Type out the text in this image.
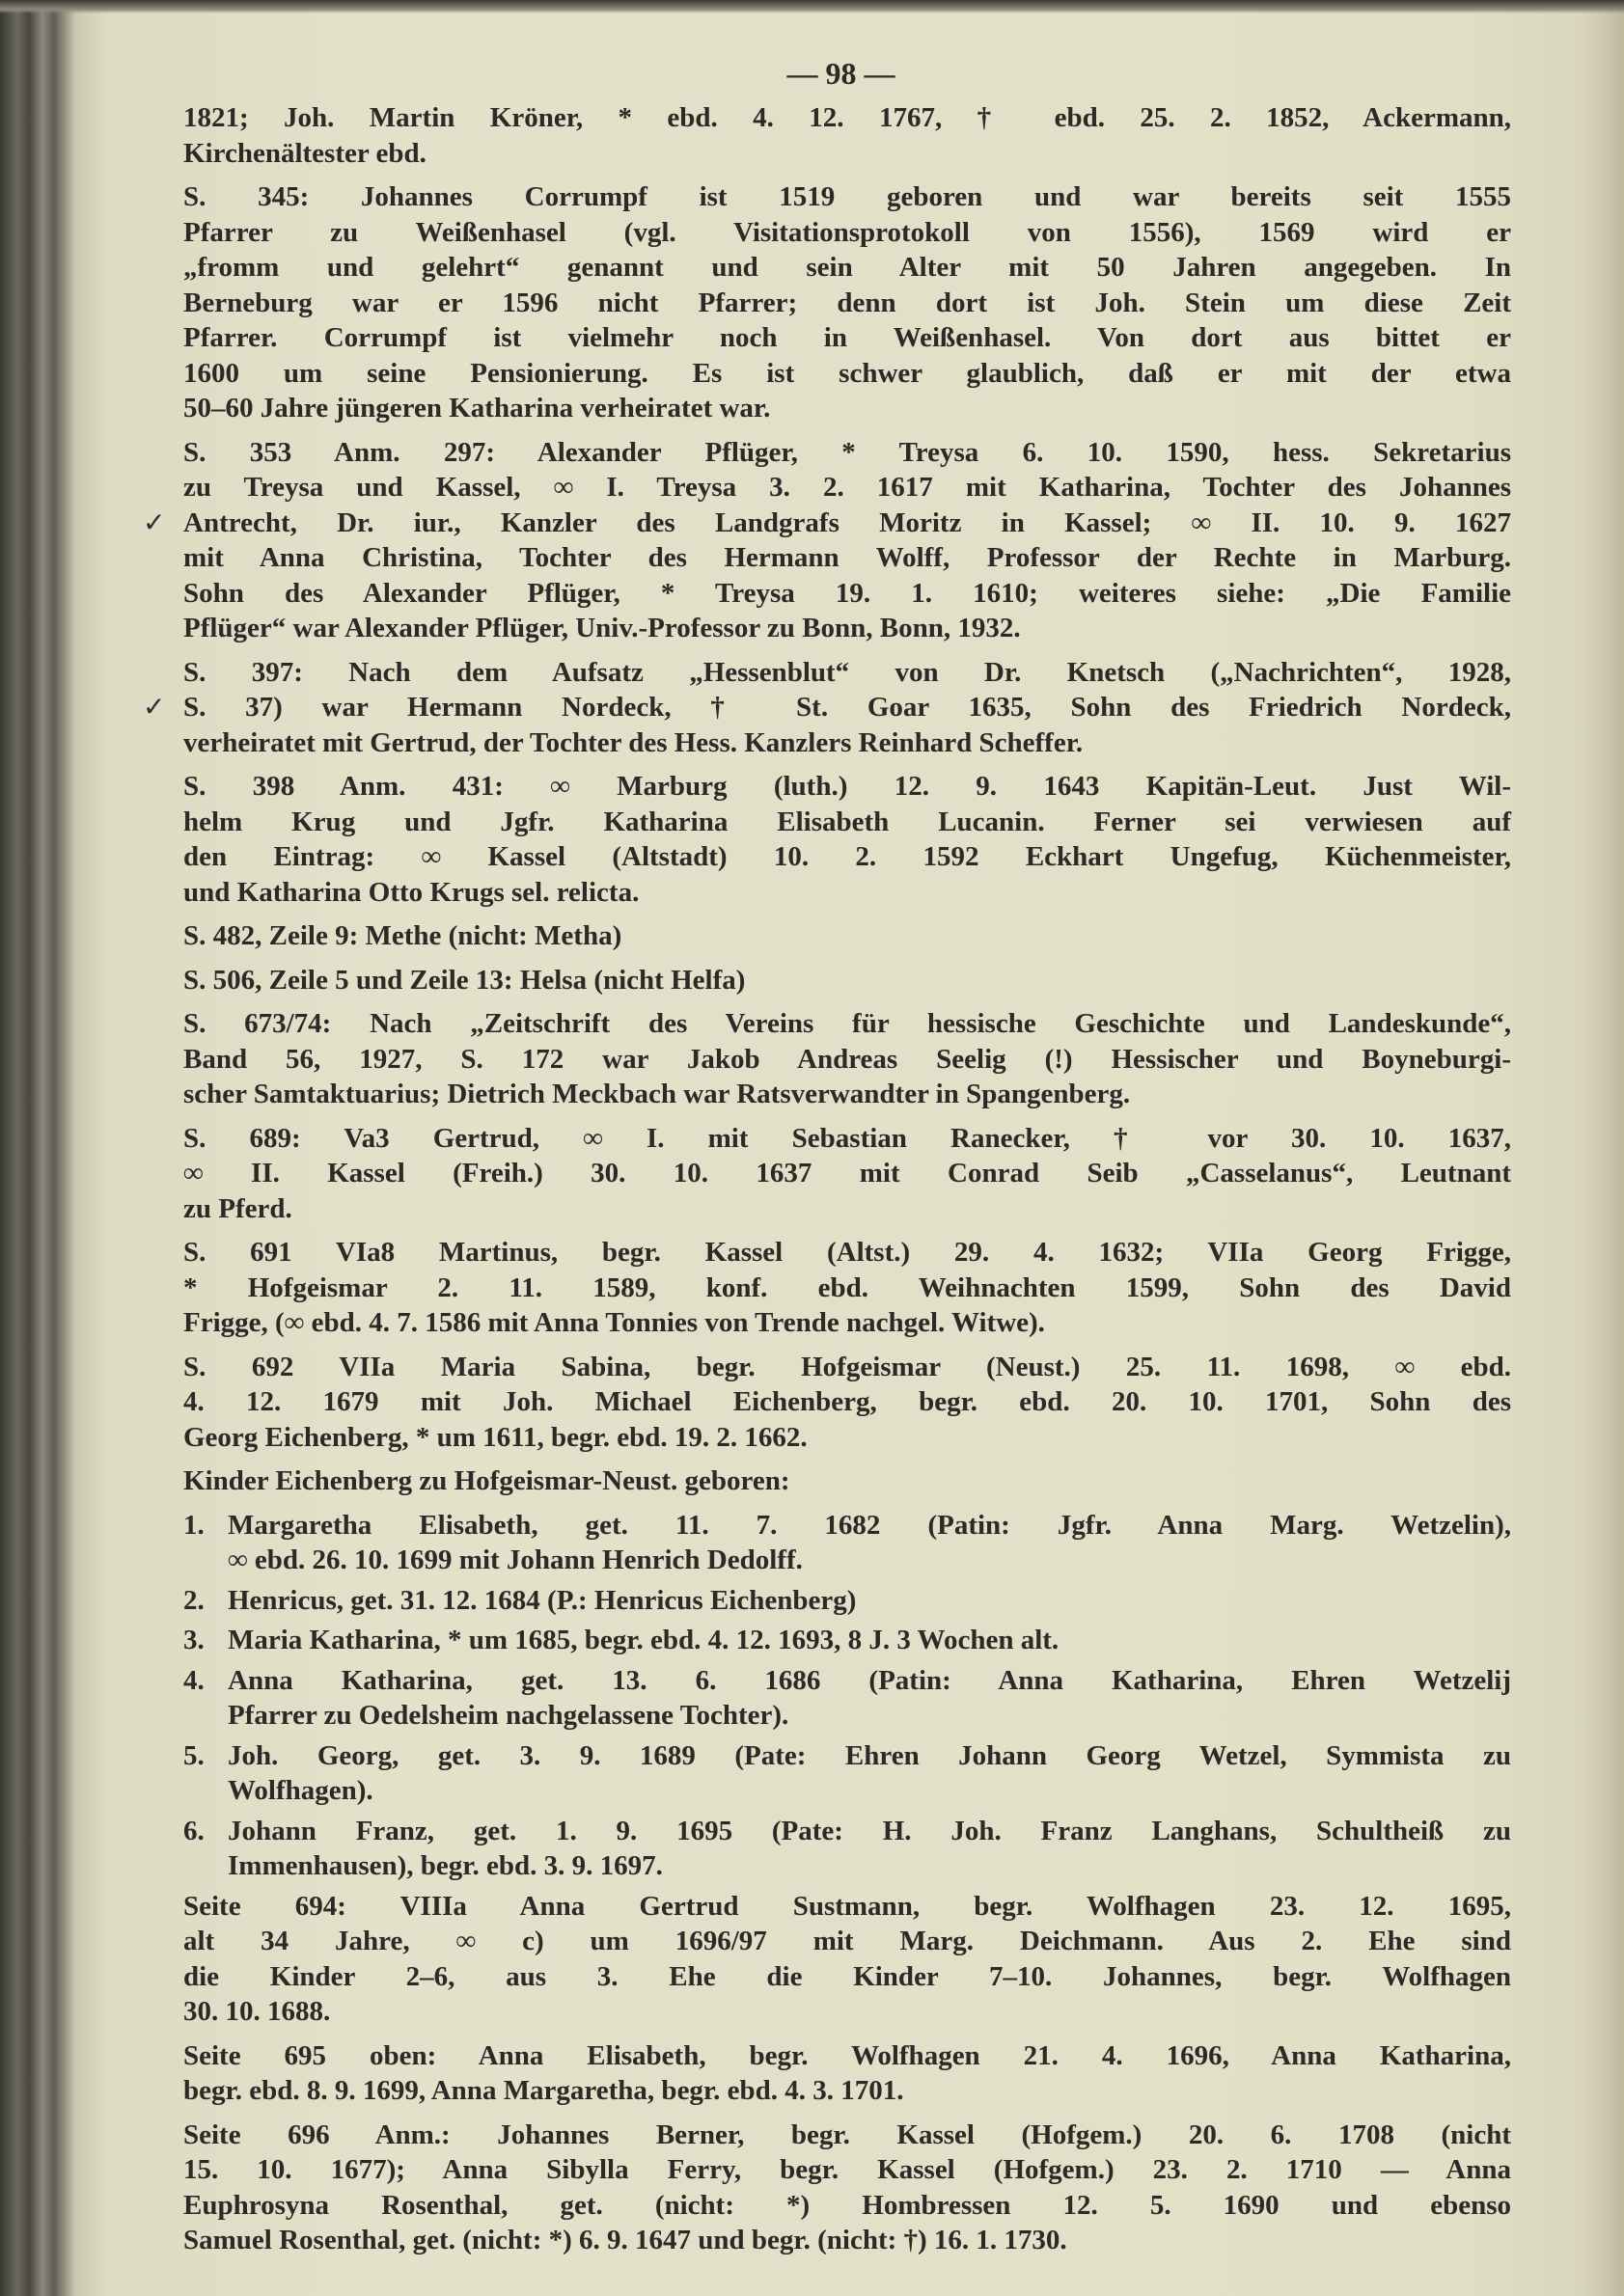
— 98 —
1821; Joh. Martin Kröner, * ebd. 4. 12. 1767, † ebd. 25. 2. 1852, Ackermann,
Kirchenältester ebd.
S. 345: Johannes Corrumpf ist 1519 geboren und war bereits seit 1555
Pfarrer zu Weißenhasel (vgl. Visitationsprotokoll von 1556), 1569 wird er
„fromm und gelehrt“ genannt und sein Alter mit 50 Jahren angegeben. In
Berneburg war er 1596 nicht Pfarrer; denn dort ist Joh. Stein um diese Zeit
Pfarrer. Corrumpf ist vielmehr noch in Weißenhasel. Von dort aus bittet er
1600 um seine Pensionierung. Es ist schwer glaublich, daß er mit der etwa
50–60 Jahre jüngeren Katharina verheiratet war.
S. 353 Anm. 297: Alexander Pflüger, * Treysa 6. 10. 1590, hess. Sekretarius
zu Treysa und Kassel, ∞ I. Treysa 3. 2. 1617 mit Katharina, Tochter des Johannes
Antrecht, Dr. iur., Kanzler des Landgrafs Moritz in Kassel; ∞ II. 10. 9. 1627
✓
mit Anna Christina, Tochter des Hermann Wolff, Professor der Rechte in Marburg.
Sohn des Alexander Pflüger, * Treysa 19. 1. 1610; weiteres siehe: „Die Familie
Pflüger“ war Alexander Pflüger, Univ.-Professor zu Bonn, Bonn, 1932.
S. 397: Nach dem Aufsatz „Hessenblut“ von Dr. Knetsch („Nachrichten“, 1928,
S. 37) war Hermann Nordeck, † St. Goar 1635, Sohn des Friedrich Nordeck,
✓
verheiratet mit Gertrud, der Tochter des Hess. Kanzlers Reinhard Scheffer.
S. 398 Anm. 431: ∞ Marburg (luth.) 12. 9. 1643 Kapitän-Leut. Just Wil-
helm Krug und Jgfr. Katharina Elisabeth Lucanin. Ferner sei verwiesen auf
den Eintrag: ∞ Kassel (Altstadt) 10. 2. 1592 Eckhart Ungefug, Küchenmeister,
und Katharina Otto Krugs sel. relicta.
S. 482, Zeile 9: Methe (nicht: Metha)
S. 506, Zeile 5 und Zeile 13: Helsa (nicht Helfa)
S. 673/74: Nach „Zeitschrift des Vereins für hessische Geschichte und Landeskunde“,
Band 56, 1927, S. 172 war Jakob Andreas Seelig (!) Hessischer und Boyneburgi-
scher Samtaktuarius; Dietrich Meckbach war Ratsverwandter in Spangenberg.
S. 689: Va3 Gertrud, ∞ I. mit Sebastian Ranecker, † vor 30. 10. 1637,
∞ II. Kassel (Freih.) 30. 10. 1637 mit Conrad Seib „Casselanus“, Leutnant
zu Pferd.
S. 691 VIa8 Martinus, begr. Kassel (Altst.) 29. 4. 1632; VIIa Georg Frigge,
* Hofgeismar 2. 11. 1589, konf. ebd. Weihnachten 1599, Sohn des David
Frigge, (∞ ebd. 4. 7. 1586 mit Anna Tonnies von Trende nachgel. Witwe).
S. 692 VIIa Maria Sabina, begr. Hofgeismar (Neust.) 25. 11. 1698, ∞ ebd.
4. 12. 1679 mit Joh. Michael Eichenberg, begr. ebd. 20. 10. 1701, Sohn des
Georg Eichenberg, * um 1611, begr. ebd. 19. 2. 1662.
Kinder Eichenberg zu Hofgeismar-Neust. geboren:
1. Margaretha Elisabeth, get. 11. 7. 1682 (Patin: Jgfr. Anna Marg. Wetzelin),
∞ ebd. 26. 10. 1699 mit Johann Henrich Dedolff.
2. Henricus, get. 31. 12. 1684 (P.: Henricus Eichenberg)
3. Maria Katharina, * um 1685, begr. ebd. 4. 12. 1693, 8 J. 3 Wochen alt.
4. Anna Katharina, get. 13. 6. 1686 (Patin: Anna Katharina, Ehren Wetzelij
Pfarrer zu Oedelsheim nachgelassene Tochter).
5. Joh. Georg, get. 3. 9. 1689 (Pate: Ehren Johann Georg Wetzel, Symmista zu
Wolfhagen).
6. Johann Franz, get. 1. 9. 1695 (Pate: H. Joh. Franz Langhans, Schultheiß zu
Immenhausen), begr. ebd. 3. 9. 1697.
Seite 694: VIIIa Anna Gertrud Sustmann, begr. Wolfhagen 23. 12. 1695,
alt 34 Jahre, ∞ c) um 1696/97 mit Marg. Deichmann. Aus 2. Ehe sind
die Kinder 2–6, aus 3. Ehe die Kinder 7–10. Johannes, begr. Wolfhagen
30. 10. 1688.
Seite 695 oben: Anna Elisabeth, begr. Wolfhagen 21. 4. 1696, Anna Katharina,
begr. ebd. 8. 9. 1699, Anna Margaretha, begr. ebd. 4. 3. 1701.
Seite 696 Anm.: Johannes Berner, begr. Kassel (Hofgem.) 20. 6. 1708 (nicht
15. 10. 1677); Anna Sibylla Ferry, begr. Kassel (Hofgem.) 23. 2. 1710 — Anna
Euphrosyna Rosenthal, get. (nicht: *) Hombressen 12. 5. 1690 und ebenso
Samuel Rosenthal, get. (nicht: *) 6. 9. 1647 und begr. (nicht: †) 16. 1. 1730.
